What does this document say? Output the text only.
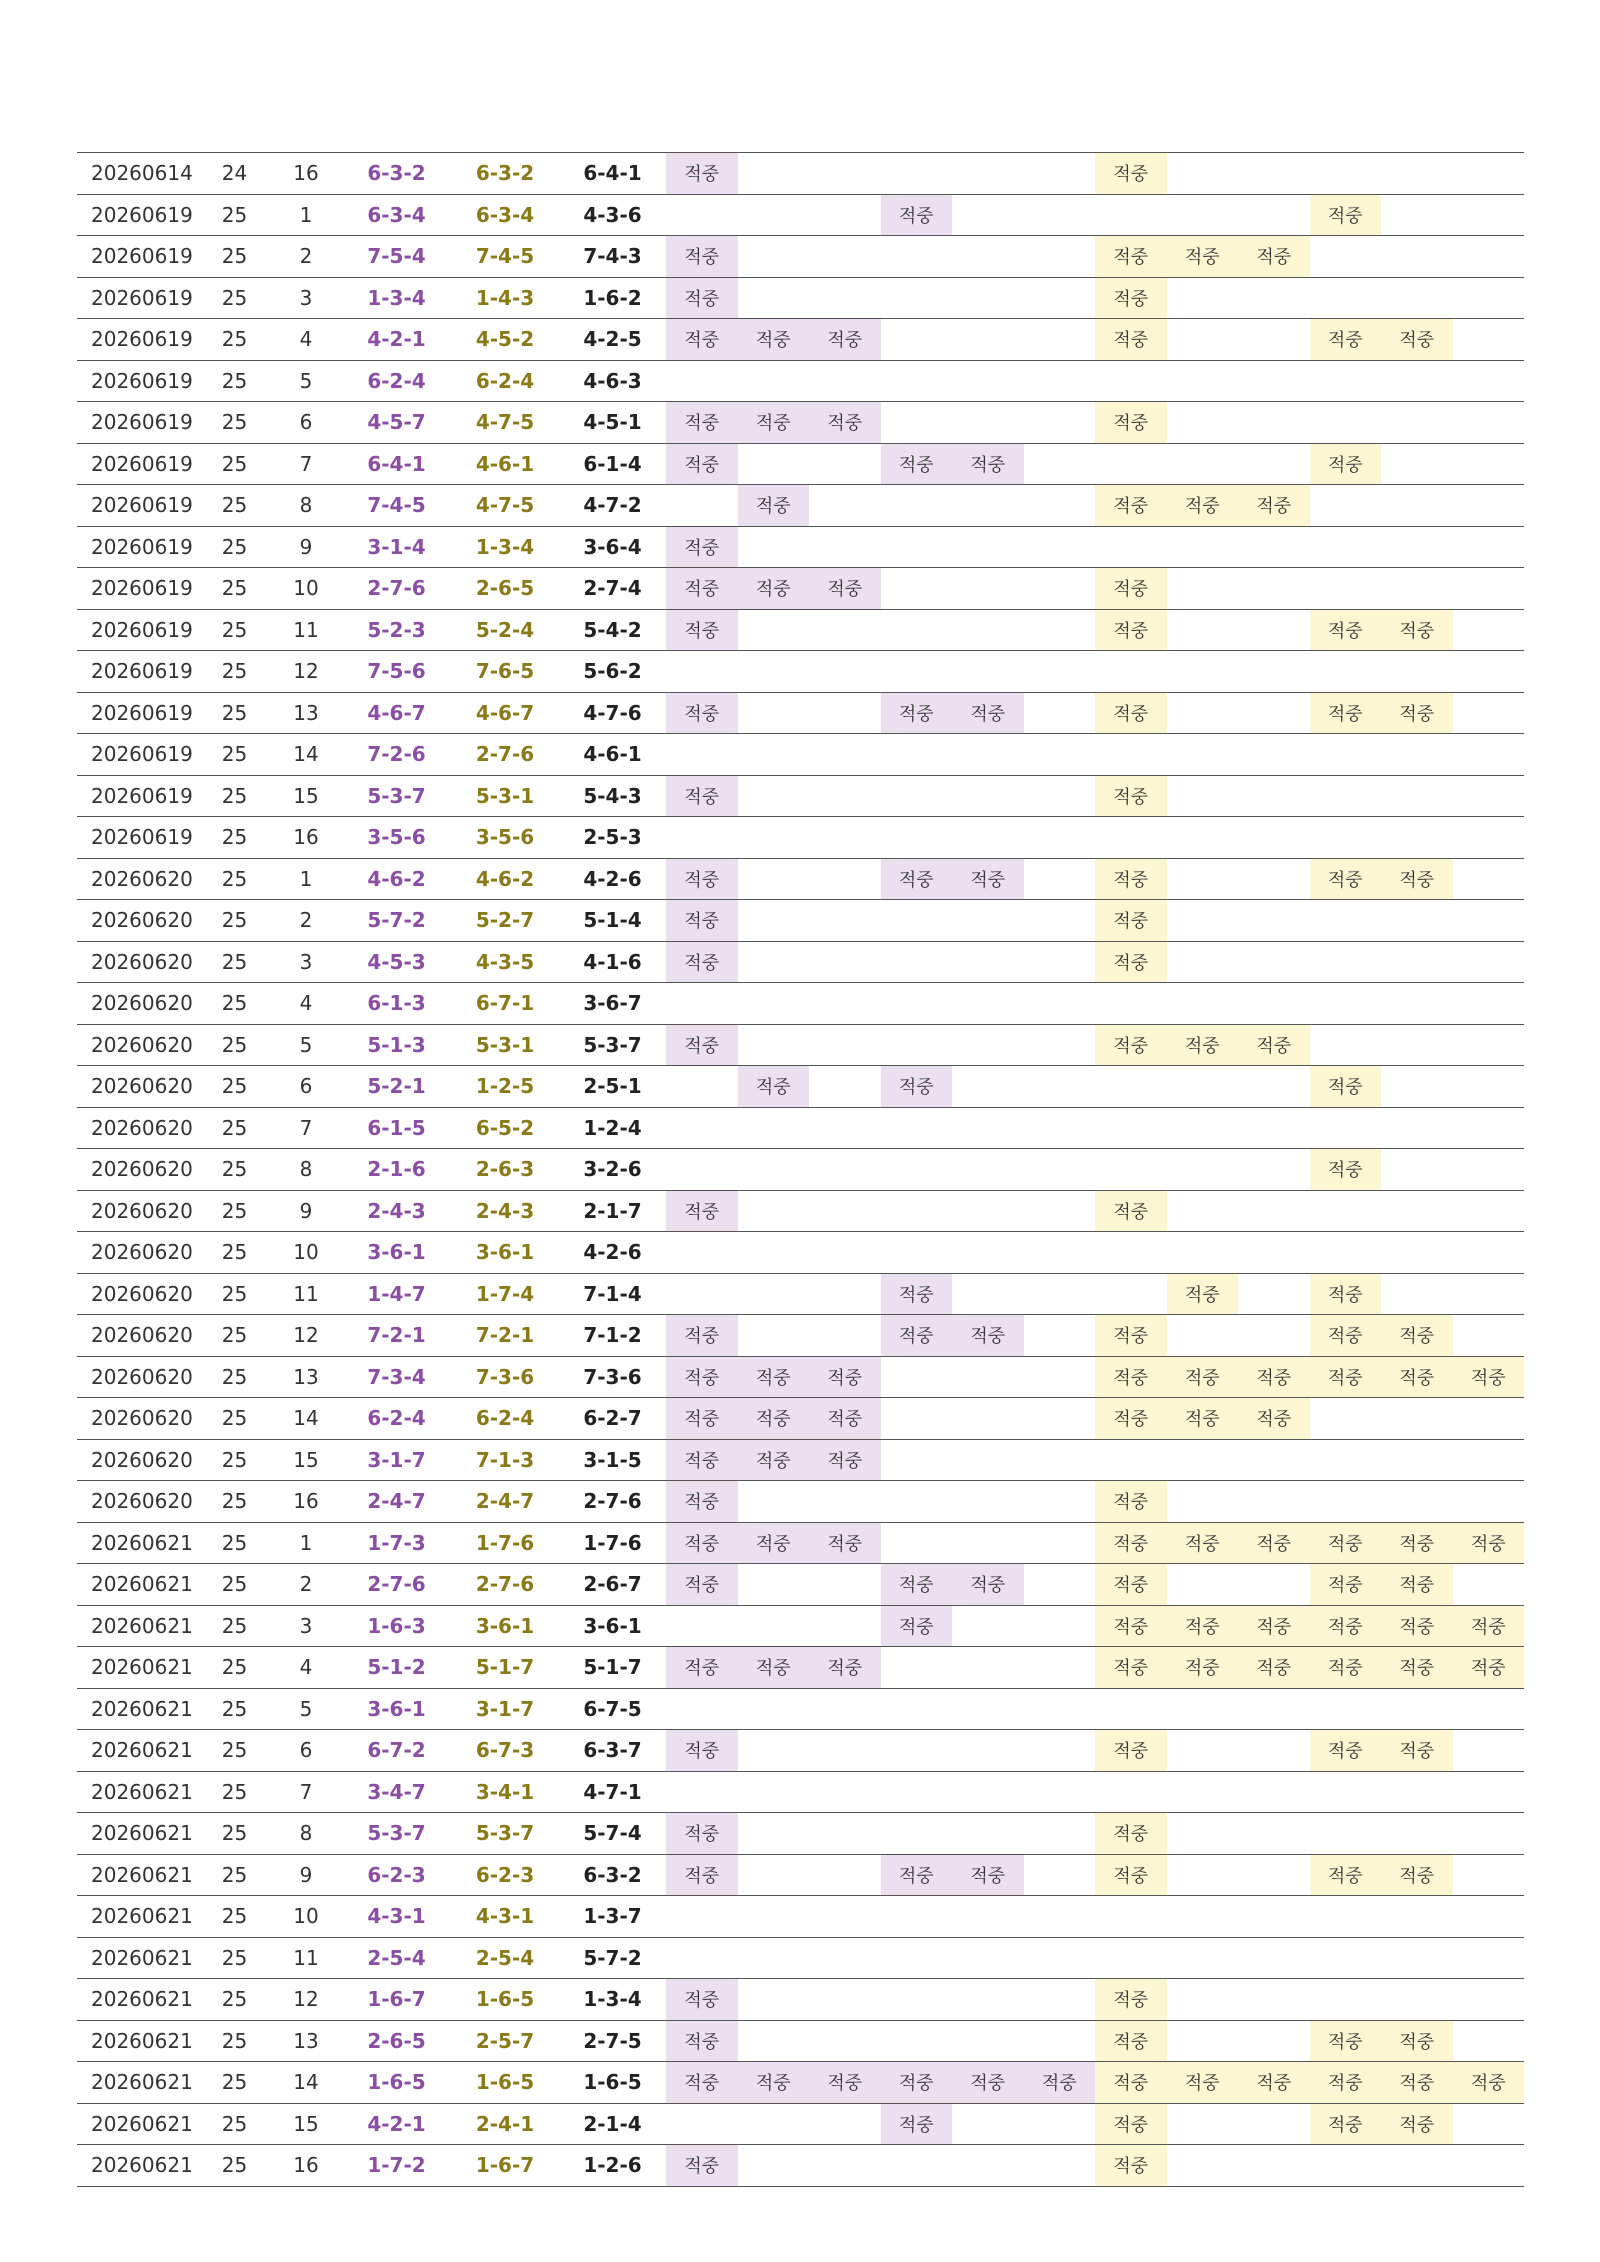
20260614	24	16	6-3-2	6-3-2	6-4-1	적중						적중					
20260619	25	1	6-3-4	6-3-4	4-3-6				적중						적중		
20260619	25	2	7-5-4	7-4-5	7-4-3	적중						적중	적중	적중			
20260619	25	3	1-3-4	1-4-3	1-6-2	적중						적중					
20260619	25	4	4-2-1	4-5-2	4-2-5	적중	적중	적중				적중			적중	적중	
20260619	25	5	6-2-4	6-2-4	4-6-3												
20260619	25	6	4-5-7	4-7-5	4-5-1	적중	적중	적중				적중					
20260619	25	7	6-4-1	4-6-1	6-1-4	적중			적중	적중					적중		
20260619	25	8	7-4-5	4-7-5	4-7-2		적중					적중	적중	적중			
20260619	25	9	3-1-4	1-3-4	3-6-4	적중											
20260619	25	10	2-7-6	2-6-5	2-7-4	적중	적중	적중				적중					
20260619	25	11	5-2-3	5-2-4	5-4-2	적중						적중			적중	적중	
20260619	25	12	7-5-6	7-6-5	5-6-2												
20260619	25	13	4-6-7	4-6-7	4-7-6	적중			적중	적중		적중			적중	적중	
20260619	25	14	7-2-6	2-7-6	4-6-1												
20260619	25	15	5-3-7	5-3-1	5-4-3	적중						적중					
20260619	25	16	3-5-6	3-5-6	2-5-3												
20260620	25	1	4-6-2	4-6-2	4-2-6	적중			적중	적중		적중			적중	적중	
20260620	25	2	5-7-2	5-2-7	5-1-4	적중						적중					
20260620	25	3	4-5-3	4-3-5	4-1-6	적중						적중					
20260620	25	4	6-1-3	6-7-1	3-6-7												
20260620	25	5	5-1-3	5-3-1	5-3-7	적중						적중	적중	적중			
20260620	25	6	5-2-1	1-2-5	2-5-1		적중		적중						적중		
20260620	25	7	6-1-5	6-5-2	1-2-4												
20260620	25	8	2-1-6	2-6-3	3-2-6										적중		
20260620	25	9	2-4-3	2-4-3	2-1-7	적중						적중					
20260620	25	10	3-6-1	3-6-1	4-2-6												
20260620	25	11	1-4-7	1-7-4	7-1-4				적중				적중		적중		
20260620	25	12	7-2-1	7-2-1	7-1-2	적중			적중	적중		적중			적중	적중	
20260620	25	13	7-3-4	7-3-6	7-3-6	적중	적중	적중				적중	적중	적중	적중	적중	적중
20260620	25	14	6-2-4	6-2-4	6-2-7	적중	적중	적중				적중	적중	적중			
20260620	25	15	3-1-7	7-1-3	3-1-5	적중	적중	적중									
20260620	25	16	2-4-7	2-4-7	2-7-6	적중						적중					
20260621	25	1	1-7-3	1-7-6	1-7-6	적중	적중	적중				적중	적중	적중	적중	적중	적중
20260621	25	2	2-7-6	2-7-6	2-6-7	적중			적중	적중		적중			적중	적중	
20260621	25	3	1-6-3	3-6-1	3-6-1				적중			적중	적중	적중	적중	적중	적중
20260621	25	4	5-1-2	5-1-7	5-1-7	적중	적중	적중				적중	적중	적중	적중	적중	적중
20260621	25	5	3-6-1	3-1-7	6-7-5												
20260621	25	6	6-7-2	6-7-3	6-3-7	적중						적중			적중	적중	
20260621	25	7	3-4-7	3-4-1	4-7-1												
20260621	25	8	5-3-7	5-3-7	5-7-4	적중						적중					
20260621	25	9	6-2-3	6-2-3	6-3-2	적중			적중	적중		적중			적중	적중	
20260621	25	10	4-3-1	4-3-1	1-3-7												
20260621	25	11	2-5-4	2-5-4	5-7-2												
20260621	25	12	1-6-7	1-6-5	1-3-4	적중						적중					
20260621	25	13	2-6-5	2-5-7	2-7-5	적중						적중			적중	적중	
20260621	25	14	1-6-5	1-6-5	1-6-5	적중	적중	적중	적중	적중	적중	적중	적중	적중	적중	적중	적중
20260621	25	15	4-2-1	2-4-1	2-1-4				적중			적중			적중	적중	
20260621	25	16	1-7-2	1-6-7	1-2-6	적중						적중					
